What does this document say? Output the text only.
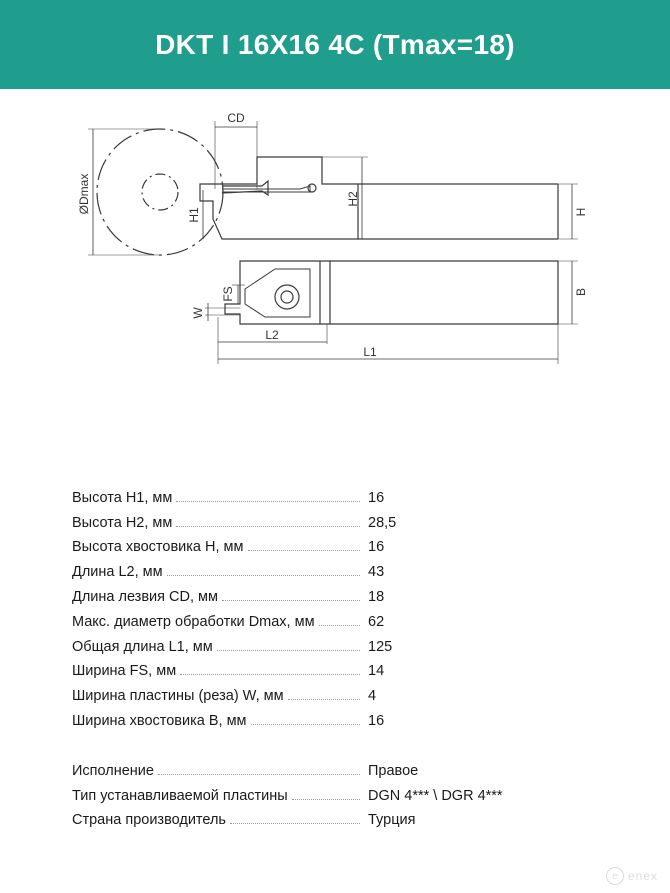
DKT I 16X16 4C (Tmax=18)
CD
ØDmax
H1
H2
H
FS	B
W
L2
L1
Высота H1, мм	16
Высота H2, мм	28,5
Высота хвостовика H, мм	16
Длина L2, мм	43
Длина лезвия CD, мм	18
Макс. диаметр обработки Dmax, мм	62
Общая длина L1, мм	125
Ширина FS, мм	14
Ширина пластины (реза) W, мм	4
Ширина хвостовика B, мм	16
Исполнение	Правое
Тип устанавливаемой пластины	DGN 4*** \ DGR 4***
Страна производитель	Турция
e enex
